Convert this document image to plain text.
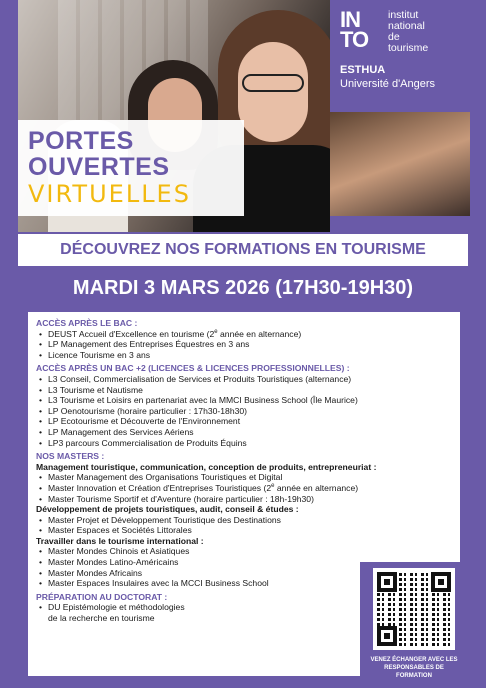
IN
TO
institut
national
de
tourisme
ESTHUA
Université d'Angers
PORTES
OUVERTES
VIRTUELLES
DÉCOUVREZ NOS FORMATIONS EN TOURISME
MARDI 3 MARS 2026 (17H30-19H30)
ACCÈS APRÈS LE BAC :
• DEUST Accueil d'Excellence en tourisme (2e année en alternance)
• LP Management des Entreprises Équestres en 3 ans
• Licence Tourisme en 3 ans
ACCÈS APRÈS UN BAC +2 (LICENCES & LICENCES PROFESSIONNELLES) :
• L3 Conseil, Commercialisation de Services et Produits Touristiques (alternance)
• L3 Tourisme et Nautisme
• L3 Tourisme et Loisirs en partenariat avec la MMCI Business School (Île Maurice)
• LP Oenotourisme (horaire particulier : 17h30-18h30)
• LP Ecotourisme et Découverte de l'Environnement
• LP Management des Services Aériens
• LP3 parcours Commercialisation de Produits Équins
NOS MASTERS :
Management touristique, communication, conception de produits, entrepreneuriat :
• Master Management des Organisations Touristiques et Digital
• Master Innovation et Création d'Entreprises Touristiques (2e année en alternance)
• Master Tourisme Sportif et d'Aventure (horaire particulier : 18h-19h30)
Développement de projets touristiques, audit, conseil & études :
• Master Projet et Développement Touristique des Destinations
• Master Espaces et Sociétés Littorales
Travailler dans le tourisme international :
• Master Mondes Chinois et Asiatiques
• Master Mondes Latino-Américains
• Master Mondes Africains
• Master Espaces Insulaires avec la MCCI Business School
PRÉPARATION AU DOCTORAT :
• DU Epistémologie et méthodologies
de la recherche en tourisme
VENEZ ÉCHANGER AVEC LES RESPONSABLES DE FORMATION
